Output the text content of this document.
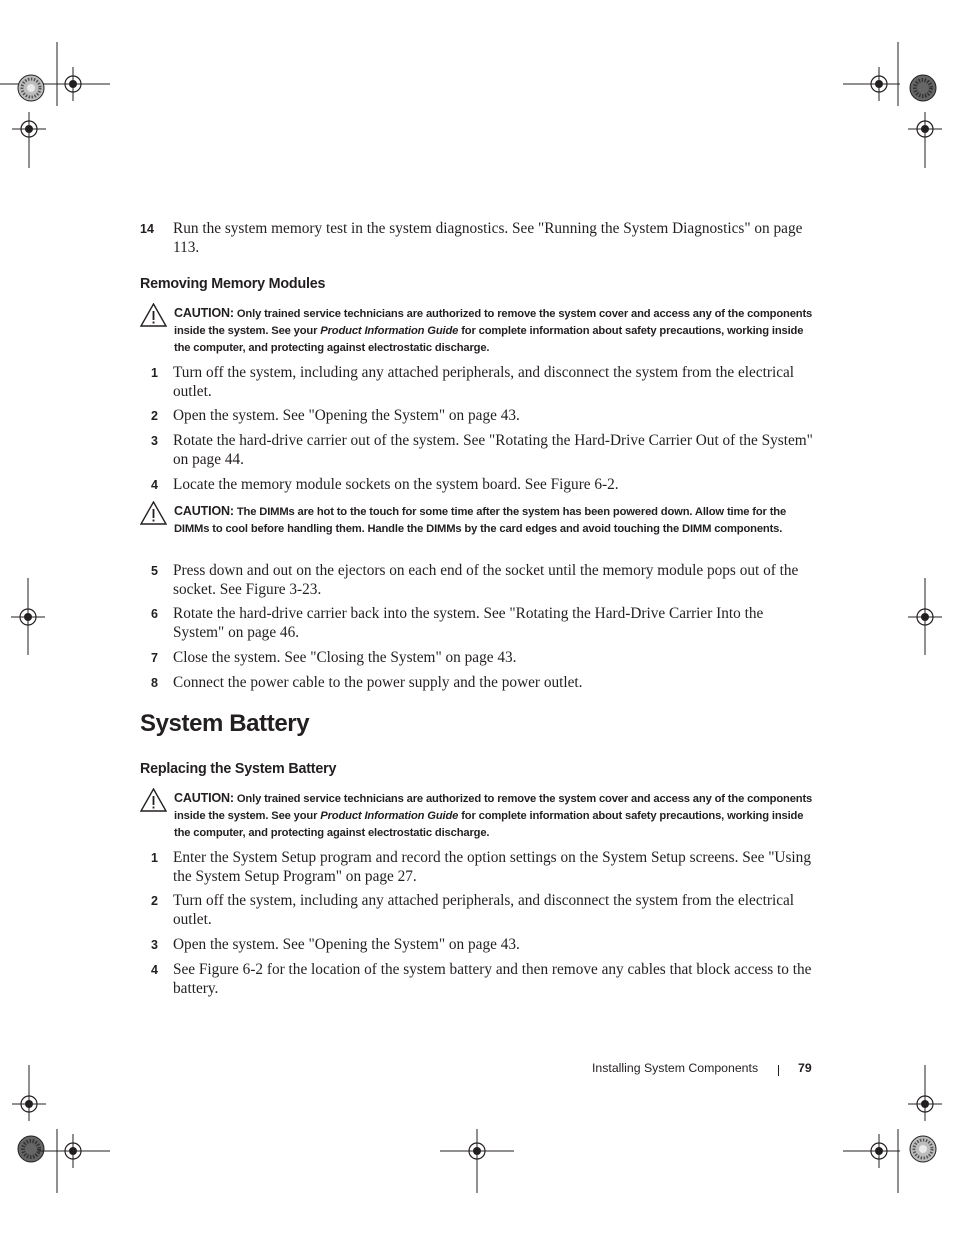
14	Run the system memory test in the system diagnostics. See "Running the System Diagnostics" on page 113.
Removing Memory Modules
CAUTION: Only trained service technicians are authorized to remove the system cover and access any of the components inside the system. See your Product Information Guide for complete information about safety precautions, working inside the computer, and protecting against electrostatic discharge.
1 Turn off the system, including any attached peripherals, and disconnect the system from the electrical outlet.
2 Open the system. See "Opening the System" on page 43.
3 Rotate the hard-drive carrier out of the system. See "Rotating the Hard-Drive Carrier Out of the System" on page 44.
4 Locate the memory module sockets on the system board. See Figure 6-2.
CAUTION: The DIMMs are hot to the touch for some time after the system has been powered down. Allow time for the DIMMs to cool before handling them. Handle the DIMMs by the card edges and avoid touching the DIMM components.
5 Press down and out on the ejectors on each end of the socket until the memory module pops out of the socket. See Figure 3-23.
6 Rotate the hard-drive carrier back into the system. See "Rotating the Hard-Drive Carrier Into the System" on page 46.
7 Close the system. See "Closing the System" on page 43.
8 Connect the power cable to the power supply and the power outlet.
System Battery
Replacing the System Battery
CAUTION: Only trained service technicians are authorized to remove the system cover and access any of the components inside the system. See your Product Information Guide for complete information about safety precautions, working inside the computer, and protecting against electrostatic discharge.
1 Enter the System Setup program and record the option settings on the System Setup screens. See "Using the System Setup Program" on page 27.
2 Turn off the system, including any attached peripherals, and disconnect the system from the electrical outlet.
3 Open the system. See "Opening the System" on page 43.
4 See Figure 6-2 for the location of the system battery and then remove any cables that block access to the battery.
Installing System Components	79
